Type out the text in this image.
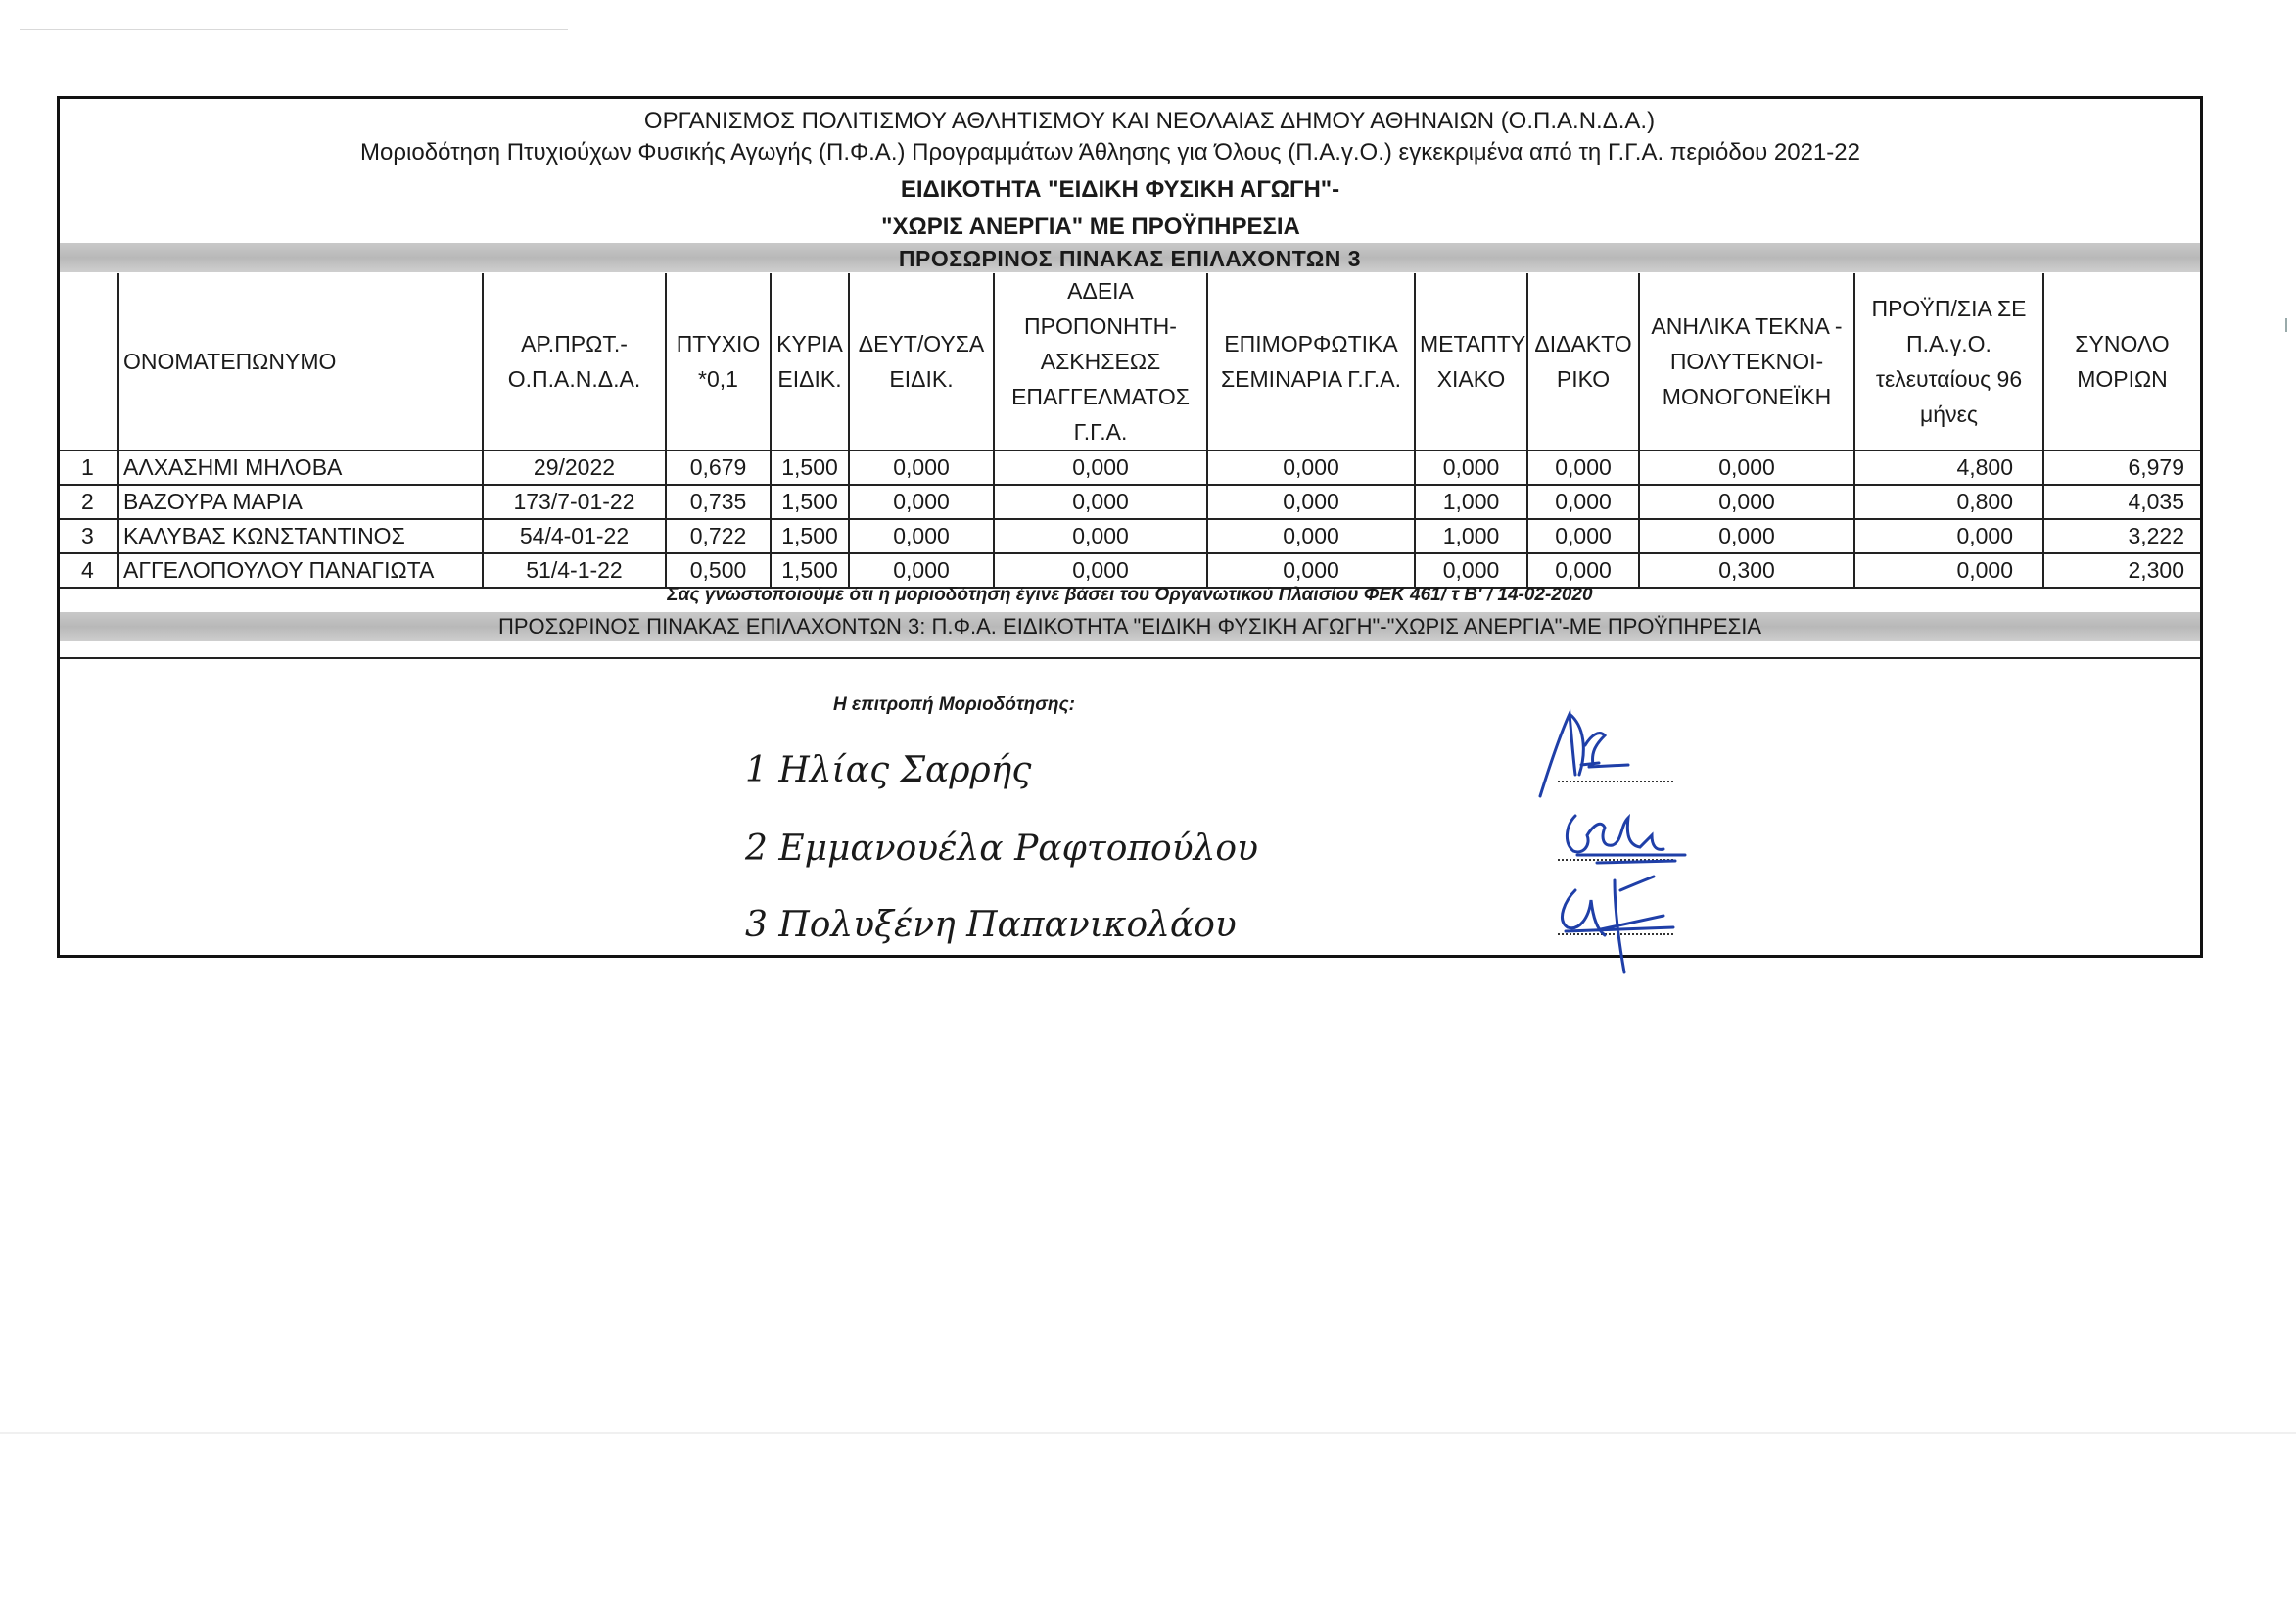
ΟΡΓΑΝΙΣΜΟΣ ΠΟΛΙΤΙΣΜΟΥ ΑΘΛΗΤΙΣΜΟΥ ΚΑΙ ΝΕΟΛΑΙΑΣ ΔΗΜΟΥ ΑΘΗΝΑΙΩΝ (Ο.Π.Α.Ν.Δ.Α.)
Μοριοδότηση Πτυχιούχων Φυσικής Αγωγής (Π.Φ.Α.) Προγραμμάτων Άθλησης για Όλους (Π.Α.γ.Ο.) εγκεκριμένα από τη Γ.Γ.Α. περιόδου 2021-22
ΕΙΔΙΚΟΤΗΤΑ "ΕΙΔΙΚΗ ΦΥΣΙΚΗ ΑΓΩΓΗ"-
"ΧΩΡΙΣ ΑΝΕΡΓΙΑ" ΜΕ ΠΡΟΫΠΗΡΕΣΙΑ
ΠΡΟΣΩΡΙΝΟΣ ΠΙΝΑΚΑΣ ΕΠΙΛΑΧΟΝΤΩΝ 3
	ΟΝΟΜΑΤΕΠΩΝΥΜΟ	ΑΡ.ΠΡΩΤ.- Ο.Π.Α.Ν.Δ.Α.	ΠΤΥΧΙΟ *0,1	ΚΥΡΙΑ ΕΙΔΙΚ.	ΔΕΥΤ/ΟΥΣΑ ΕΙΔΙΚ.	ΑΔΕΙΑ ΠΡΟΠΟΝΗΤΗ- ΑΣΚΗΣΕΩΣ ΕΠΑΓΓΕΛΜΑΤΟΣ Γ.Γ.Α.	ΕΠΙΜΟΡΦΩΤΙΚΑ ΣΕΜΙΝΑΡΙΑ Γ.Γ.Α.	ΜΕΤΑΠΤΥ ΧΙΑΚΟ	ΔΙΔΑΚΤΟ ΡΙΚΟ	ΑΝΗΛΙΚΑ ΤΕΚΝΑ - ΠΟΛΥΤΕΚΝΟΙ- ΜΟΝΟΓΟΝΕΪΚΗ	ΠΡΟΫΠ/ΣΙΑ ΣΕ Π.Α.γ.Ο. τελευταίους 96 μήνες	ΣΥΝΟΛΟ ΜΟΡΙΩΝ
1	ΑΛΧΑΣΗΜΙ ΜΗΛΟΒΑ	29/2022	0,679	1,500	0,000	0,000	0,000	0,000	0,000	0,000	4,800	6,979
2	ΒΑΖΟΥΡΑ ΜΑΡΙΑ	173/7-01-22	0,735	1,500	0,000	0,000	0,000	1,000	0,000	0,000	0,800	4,035
3	ΚΑΛΥΒΑΣ ΚΩΝΣΤΑΝΤΙΝΟΣ	54/4-01-22	0,722	1,500	0,000	0,000	0,000	1,000	0,000	0,000	0,000	3,222
4	ΑΓΓΕΛΟΠΟΥΛΟΥ ΠΑΝΑΓΙΩΤΑ	51/4-1-22	0,500	1,500	0,000	0,000	0,000	0,000	0,000	0,300	0,000	2,300
Σας γνωστοποιούμε ότι η μοριοδότηση έγινε βάσει του Οργανωτικού Πλαισίου ΦΕΚ 461/ τ Β' / 14-02-2020
ΠΡΟΣΩΡΙΝΟΣ ΠΙΝΑΚΑΣ ΕΠΙΛΑΧΟΝΤΩΝ 3: Π.Φ.Α. ΕΙΔΙΚΟΤΗΤΑ "ΕΙΔΙΚΗ ΦΥΣΙΚΗ ΑΓΩΓΗ"-"ΧΩΡΙΣ ΑΝΕΡΓΙΑ"-ΜΕ ΠΡΟΫΠΗΡΕΣΙΑ
Η επιτροπή Μοριοδότησης:
1 Ηλίας Σαρρής
2 Εμμανουέλα Ραφτοπούλου
3 Πολυξένη Παπανικολάου
